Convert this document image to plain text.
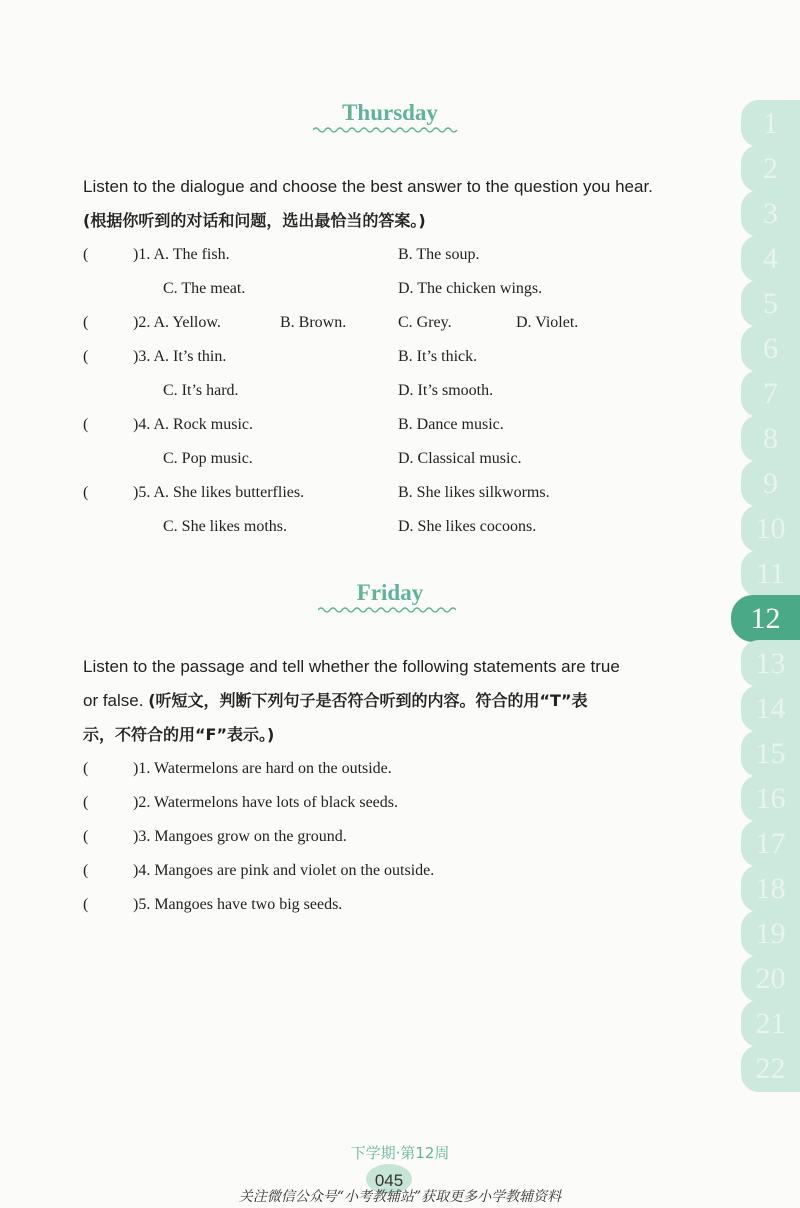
Thursday
Listen to the dialogue and choose the best answer to the question you hear.
(根据你听到的对话和问题，选出最恰当的答案。)
(	)1. A. The fish.	B. The soup.
C. The meat.	D. The chicken wings.
(	)2. A. Yellow.	B. Brown.	C. Grey.	D. Violet.
(	)3. A. It’s thin.	B. It’s thick.
C. It’s hard.	D. It’s smooth.
(	)4. A. Rock music.	B. Dance music.
C. Pop music.	D. Classical music.
(	)5. A. She likes butterflies.	B. She likes silkworms.
C. She likes moths.	D. She likes cocoons.
Friday
Listen to the passage and tell whether the following statements are true
or false. (听短文，判断下列句子是否符合听到的内容。符合的用“T”表
示，不符合的用“F”表示。)
(	)1. Watermelons are hard on the outside.
(	)2. Watermelons have lots of black seeds.
(	)3. Mangoes grow on the ground.
(	)4. Mangoes are pink and violet on the outside.
(	)5. Mangoes have two big seeds.
1
2
3
4
5
6
7
8
9
10
11
12
13
14
15
16
17
18
19
20
21
22
下学期·第12周
045
关注微信公众号“小考教辅站”获取更多小学教辅资料
